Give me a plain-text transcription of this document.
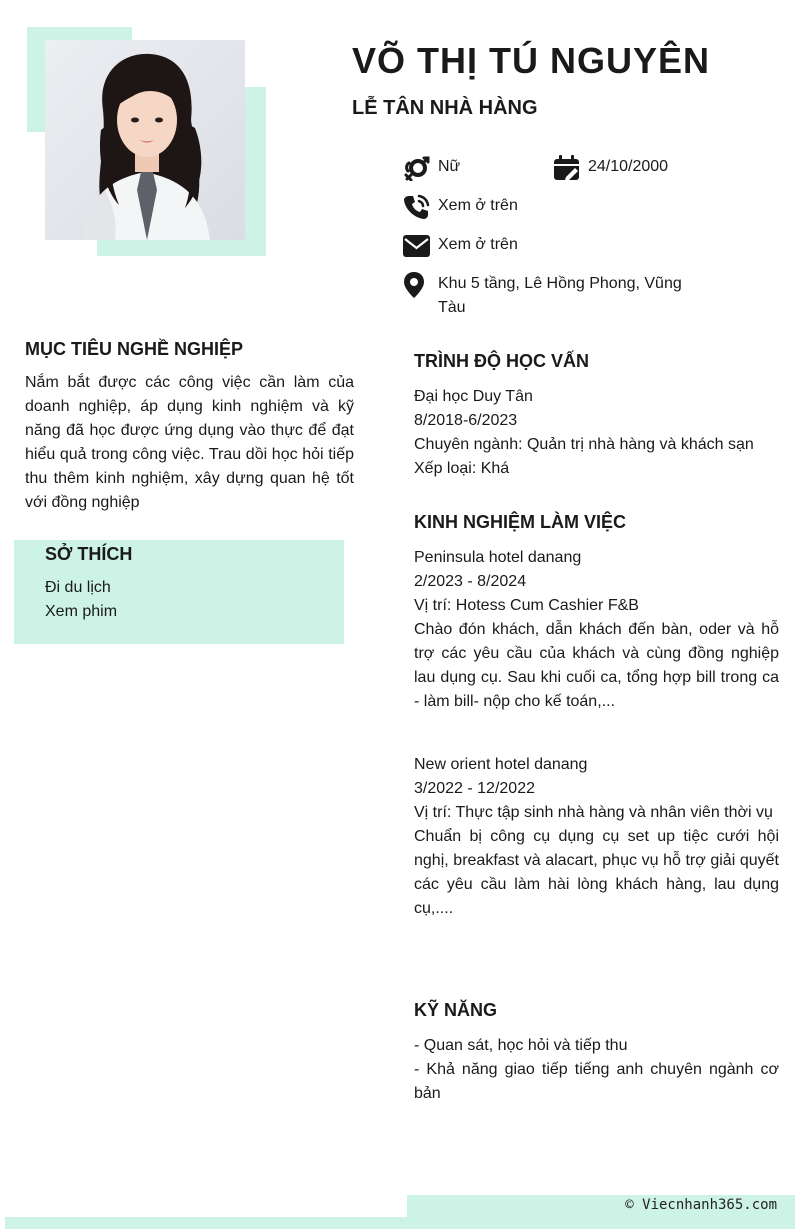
VÕ THỊ TÚ NGUYÊN
LỄ TÂN NHÀ HÀNG
Nữ	24/10/2000
Xem ở trên
Xem ở trên
Khu 5 tầng, Lê Hồng Phong, Vũng Tàu
MỤC TIÊU NGHỀ NGHIỆP
Nắm bắt được các công việc cần làm của doanh nghiệp, áp dụng kinh nghiệm và kỹ năng đã học được ứng dụng vào thực để đạt hiểu quả trong công việc. Trau dồi học hỏi tiếp thu thêm kinh nghiệm, xây dựng quan hệ tốt với đồng nghiệp
SỞ THÍCH
Đi du lịch
Xem phim
TRÌNH ĐỘ HỌC VẤN
Đại học Duy Tân
8/2018-6/2023
Chuyên ngành: Quản trị nhà hàng và khách sạn
Xếp loại: Khá
KINH NGHIỆM LÀM VIỆC
Peninsula hotel danang
2/2023 - 8/2024
Vị trí: Hotess Cum Cashier F&B
Chào đón khách, dẫn khách đến bàn, oder và hỗ trợ các yêu cầu của khách và cùng đồng nghiệp lau dụng cụ. Sau khi cuối ca, tổng hợp bill trong ca - làm bill- nộp cho kế toán,...
New orient hotel danang
3/2022 - 12/2022
Vị trí: Thực tập sinh nhà hàng và nhân viên thời vụ
Chuẩn bị công cụ dụng cụ set up tiệc cưới hội nghị, breakfast và alacart, phục vụ hỗ trợ giải quyết các yêu cầu làm hài lòng khách hàng, lau dụng cụ,....
KỸ NĂNG
- Quan sát, học hỏi và tiếp thu
- Khả năng giao tiếp tiếng anh chuyên ngành cơ bản
© Viecnhanh365.com
